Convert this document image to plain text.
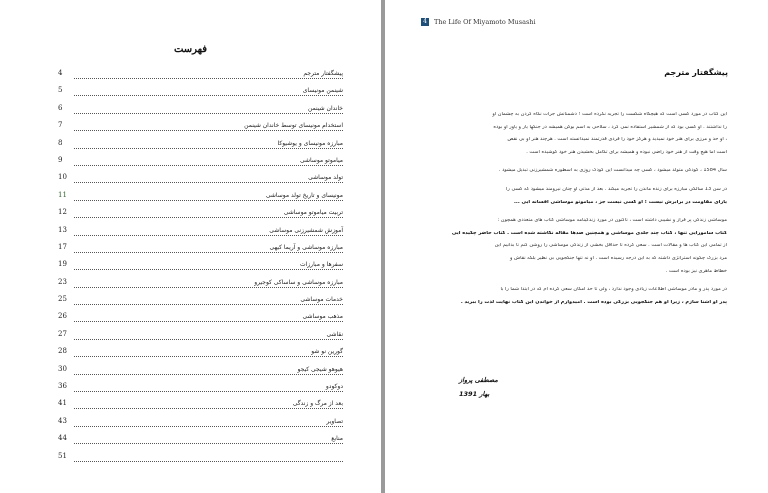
فهرست
پیشگفتار مترجم
4
شینمن مونیسای
5
خاندان شینمن
6
استخدام مونیسای توسط خاندان شینمن
7
مبارزه مونیسای و یوشیوکا
8
میاموتو موساشی
9
تولد موساشی
10
مونیسای و تاریخ تولد موساشی
11
تربیت میاموتو موساشی
12
آموزش شمشیرزنی موساشی
13
مبارزه موساشی و آریما کیهی
17
سفرها و مبارزات
19
مبارزه موساشی و ساساکی کوجیرو
23
خدمات موساشی
25
مذهب موساشی
26
نقاشی
27
گورین نو شو
28
هیوهو شیجی کیجو
30
دوکودو
36
بعد از مرگ و زندگی
41
تصاویر
43
منابع
44
51
4	The Life Of Miyamoto Musashi
پیشگفتار مترجم
این کتاب در مورد کسی است که هیچگاه شکست را تجربه نکرده است ! دشمنانش جرات نگاه کردن به چشمان او
را نداشتند . او کسی بود که از شمشیر استفاده نمی کرد ، سلاحی به اسم بوکن همیشه در جنگها یار و یاور او بوده
، او حد و مرزی برای هنر خود نمیدید و هرگز خود را فردی قدرتمند نمیدانسته است . هرچند هنر او بی نقص
است اما هیچ وقت از هنر خود راضی نبوده و همیشه برای تکامل بخشیدن هنر خود کوشیده است .
سال 1584 ، کودکی متولد میشود ، کسی چه میدانست این کودک روزی به اسطوره شمشیرزنی تبدیل میشود .
در سن 13 سالگی مبارزه برای زنده ماندن را تجربه میکند . بعد از مدتی او چنان نیرومند میشود که کسی را
یارای مقاومت در برابرش نیست ! او کسی نیست جز ، میاموتو موساشی افسانه ایی ...
موساشی زندگی پر فراز و نشیبی داشته است ، تاکنون در مورد زندگینامه موساشی کتاب های متعددی همچون :
کتاب سامورایی تنها ، کتاب چند جلدی موساشی و همچنین صدها مقاله نگاشته شده است . کتاب حاضر چکیده ایی
از تمامی این کتاب ها و مقالات است . سعی کرده تا حداقل بخشی از زندگی موساشی را روشن کنم تا بدانیم این
مرد بزرگ چگونه استراتژی داشته که به این درجه رسیده است . او نه تنها جنگجویی بی نظیر بلکه نقاش و
خطاط ماهری نیز بوده است .
در مورد پدر و مادر موساشی اطلاعات زیادی وجود ندارد ، ولی تا حد امکان سعی کرده ام که در ابتدا شما را با
پدر او آشنا سازم ، زیرا او هم جنگجویی بزرگی بوده است . امیدوارم از خواندن این کتاب نهایت لذت را ببرید .
مصطفی پرواز
بهار 1391
